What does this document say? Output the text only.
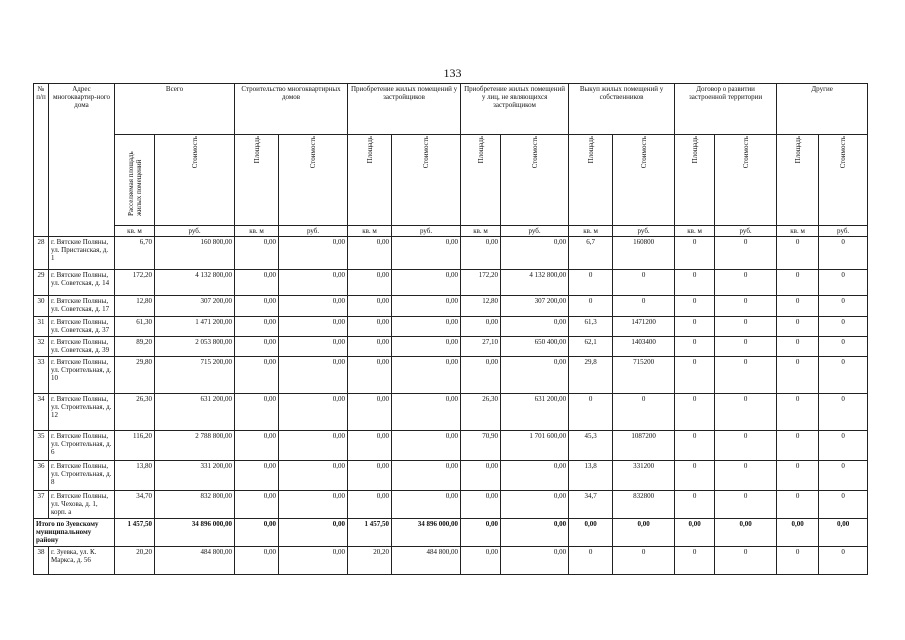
133
№ п/п	Адрес многоквартир-ного дома	Всего		Строительство многоквартирных домов		Приобретение жилых помещений у застройщиков		Приобретение жилых помещений у лиц, не являющихся застройщиком		Выкуп жилых помещений у собственников		Договор о развитии застроенной территории		Другие	

		Расселяемая площадь жилых помещений	Стоимость	Площадь	Стоимость	Площадь	Стоимость	Площадь	Стоимость	Площадь	Стоимость	Площадь	Стоимость	Площадь	Стоимость

		кв. м	руб.	кв. м	руб.	кв. м	руб.	кв. м	руб.	кв. м	руб.	кв. м	руб.	кв. м	руб.
28	г. Вятские Поляны, ул. Пристанская, д. 1	6,70	160 800,00	0,00	0,00	0,00	0,00	0,00	0,00	6,7	160800	0	0	0	0
29	г. Вятские Поляны, ул. Советская, д. 14	172,20	4 132 800,00	0,00	0,00	0,00	0,00	172,20	4 132 800,00	0	0	0	0	0	0
30	г. Вятские Поляны, ул. Советская, д. 17	12,80	307 200,00	0,00	0,00	0,00	0,00	12,80	307 200,00	0	0	0	0	0	0
31	г. Вятские Поляны, ул. Советская, д. 37	61,30	1 471 200,00	0,00	0,00	0,00	0,00	0,00	0,00	61,3	1471200	0	0	0	0
32	г. Вятские Поляны, ул. Советская, д. 39	89,20	2 053 800,00	0,00	0,00	0,00	0,00	27,10	650 400,00	62,1	1403400	0	0	0	0
33	г. Вятские Поляны, ул. Строительная, д. 10	29,80	715 200,00	0,00	0,00	0,00	0,00	0,00	0,00	29,8	715200	0	0	0	0
34	г. Вятские Поляны, ул. Строительная, д. 12	26,30	631 200,00	0,00	0,00	0,00	0,00	26,30	631 200,00	0	0	0	0	0	0
35	г. Вятские Поляны, ул. Строительная, д. 6	116,20	2 788 800,00	0,00	0,00	0,00	0,00	70,90	1 701 600,00	45,3	1087200	0	0	0	0
36	г. Вятские Поляны, ул. Строительная, д. 8	13,80	331 200,00	0,00	0,00	0,00	0,00	0,00	0,00	13,8	331200	0	0	0	0
37	г. Вятские Поляны, ул. Чехова, д. 1, корп. а	34,70	832 800,00	0,00	0,00	0,00	0,00	0,00	0,00	34,7	832800	0	0	0	0
Итого по Зуевскому муниципальному району		1 457,50	34 896 000,00	0,00	0,00	1 457,50	34 896 000,00	0,00	0,00	0,00	0,00	0,00	0,00	0,00	0,00
38	г. Зуевка, ул. К. Маркса, д. 56	20,20	484 800,00	0,00	0,00	20,20	484 800,00	0,00	0,00	0	0	0	0	0	0
